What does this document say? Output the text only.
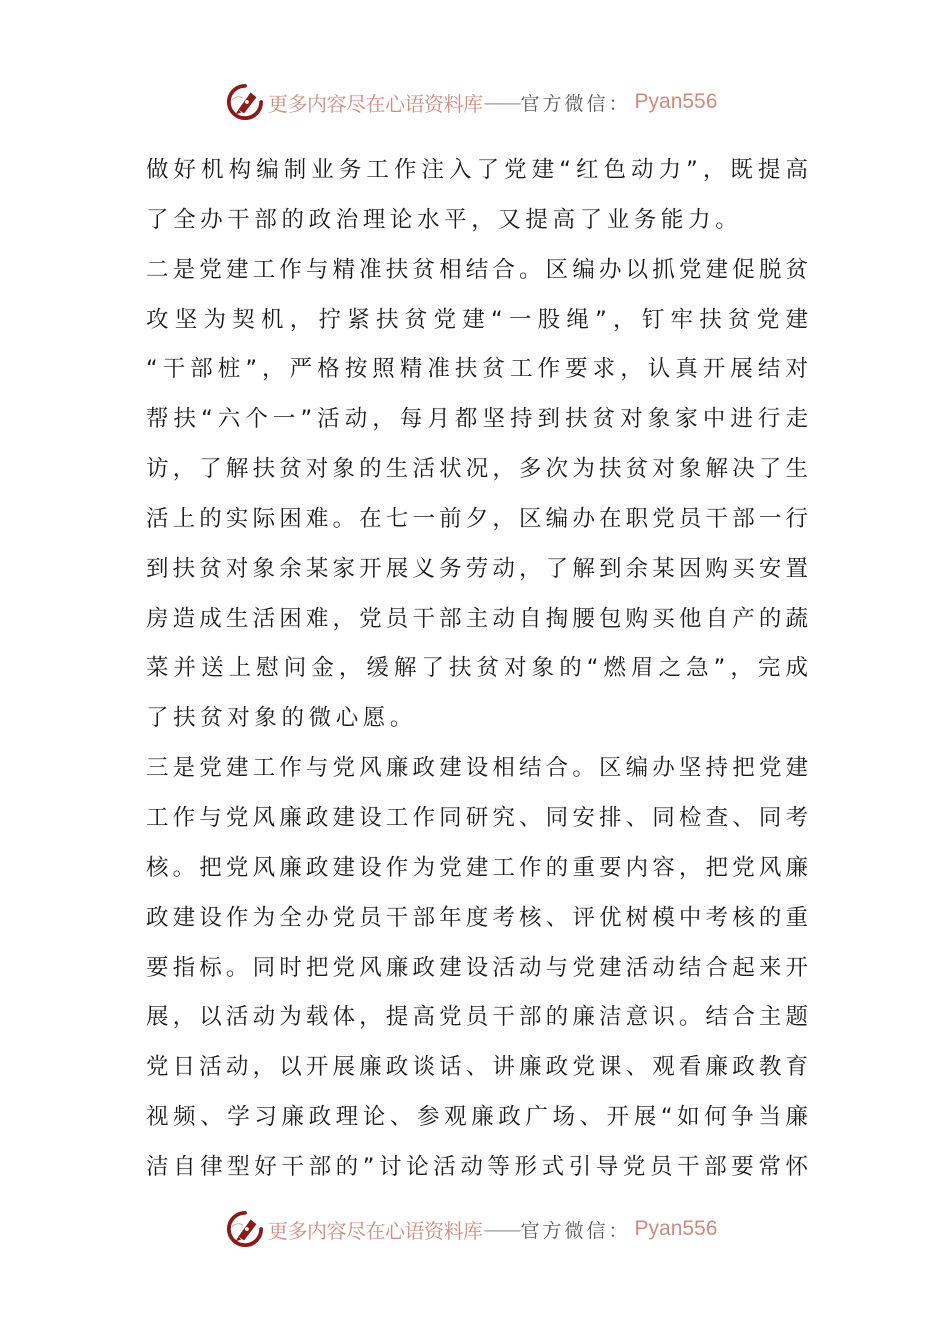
更多内容尽在心语资料库 —— 官方微信： Pyan556
做好机构编制业务工作注入了党建“红色动力”，既提高
了全办干部的政治理论水平，又提高了业务能力。
二是党建工作与精准扶贫相结合。区编办以抓党建促脱贫
攻坚为契机，拧紧扶贫党建“一股绳”，钉牢扶贫党建
“干部桩”，严格按照精准扶贫工作要求，认真开展结对
帮扶“六个一”活动，每月都坚持到扶贫对象家中进行走
访，了解扶贫对象的生活状况，多次为扶贫对象解决了生
活上的实际困难。在七一前夕，区编办在职党员干部一行
到扶贫对象余某家开展义务劳动，了解到余某因购买安置
房造成生活困难，党员干部主动自掏腰包购买他自产的蔬
菜并送上慰问金，缓解了扶贫对象的“燃眉之急”，完成
了扶贫对象的微心愿。
三是党建工作与党风廉政建设相结合。区编办坚持把党建
工作与党风廉政建设工作同研究、同安排、同检查、同考
核。把党风廉政建设作为党建工作的重要内容，把党风廉
政建设作为全办党员干部年度考核、评优树模中考核的重
要指标。同时把党风廉政建设活动与党建活动结合起来开
展，以活动为载体，提高党员干部的廉洁意识。结合主题
党日活动，以开展廉政谈话、讲廉政党课、观看廉政教育
视频、学习廉政理论、参观廉政广场、开展“如何争当廉
洁自律型好干部的”讨论活动等形式引导党员干部要常怀
更多内容尽在心语资料库 —— 官方微信： Pyan556
